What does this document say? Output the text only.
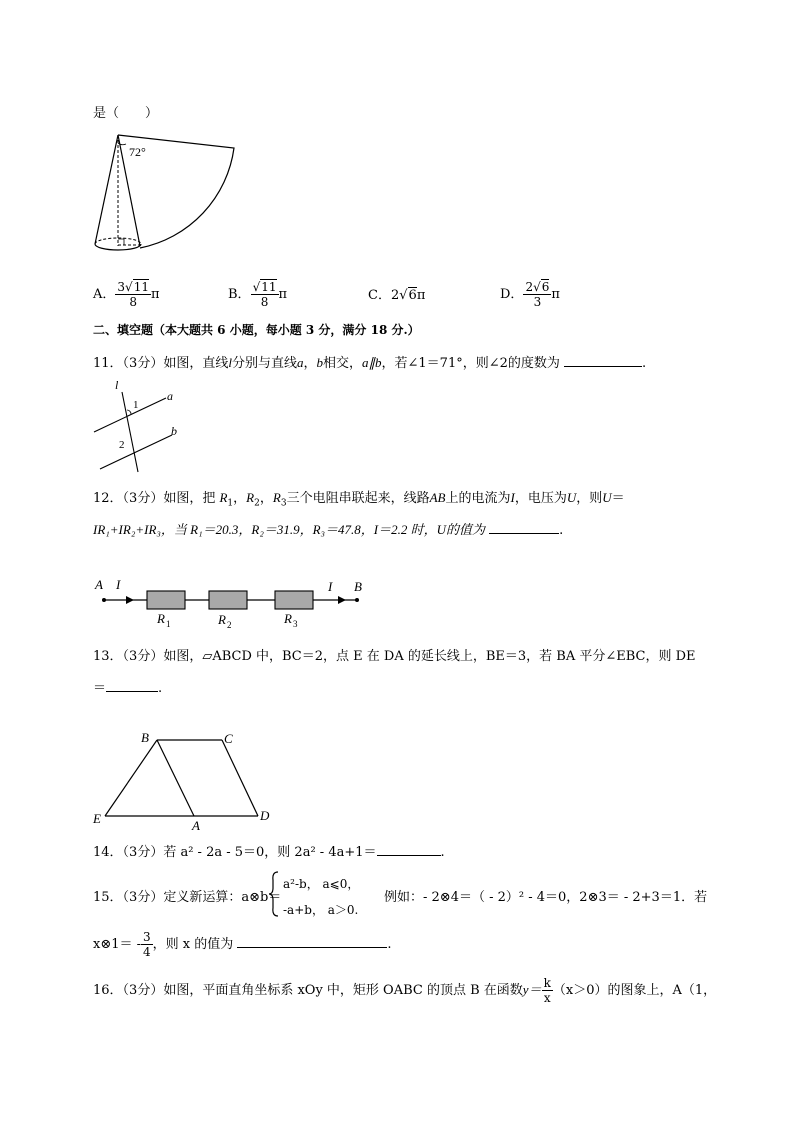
是（　　）
72°
A． $\frac{3√11}{8}$ π	B． $\frac{√11}{8}$ π	C．2√6π	D． $\frac{2√6}{3}$ π
二、填空题（本大题共 6 小题，每小题 3 分，满分 18 分.）
11．（3分）如图，直线l分别与直线a，b相交，a∥b，若∠1＝71°，则∠2的度数为	.
l
a
b
1
2
12．（3分）如图，把 $R_1$，$R_2$，$R_3$三个电阻串联起来，线路AB上的电流为I，电压为U，则U＝
IR₁+IR₂+IR₃，当 R₁＝20.3，R₂＝31.9，R₃＝47.8，I＝2.2 时，U的值为	.
A I	I B
R 1	R 2	R 3
13．（3分）如图，▱ABCD 中，BC＝2，点 E 在 DA 的延长线上，BE＝3，若 BA 平分∠EBC，则 DE
＝	.
B	C
E	A
D
14．（3分）若 a² - 2a - 5＝0，则 2a² - 4a+1＝	.
15．（3分）定义新运算：a⊗b＝
a²-b， a⩽0，
-a+b， a＞0.
例如：- 2⊗4＝（ - 2）² - 4＝0，2⊗3＝ - 2+3＝1．若
x⊗1＝ - $\frac{3}{4}$ ，则 x 的值为	.
16．（3分）如图，平面直角坐标系 xOy 中，矩形 OABC 的顶点 B 在函数$y= \frac{k}{x} (x>0)$的图象上，A（1，
